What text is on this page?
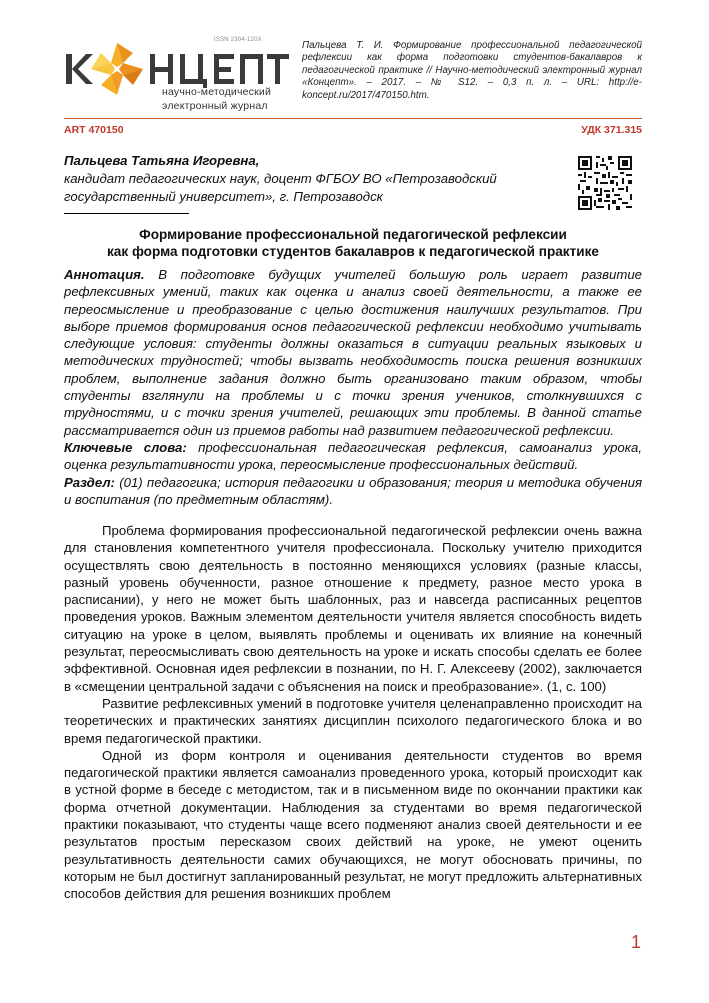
ISSN 2304-120X
научно-методический
электронный журнал
Пальцева Т. И. Формирование профессиональной педагогической рефлексии как форма подготовки студентов-бакалавров к педагогической практике // Научно-методический электронный журнал «Концепт». – 2017. – № S12. – 0,3 п. л. – URL: http://e-koncept.ru/2017/470150.htm.
ART 470150	УДК 371.315
Пальцева Татьяна Игоревна,
кандидат педагогических наук, доцент ФГБОУ ВО «Петрозаводский государственный университет», г. Петрозаводск
Формирование профессиональной педагогической рефлексии
как форма подготовки студентов бакалавров к педагогической практике

Аннотация. В подготовке будущих учителей большую роль играет развитие рефлексивных умений, таких как оценка и анализ своей деятельности, а также ее переосмысление и преобразование с целью достижения наилучших результатов. При выборе приемов формирования основ педагогической рефлексии необходимо учитывать следующие условия: студенты должны оказаться в ситуации реальных языковых и методических трудностей; чтобы вызвать необходимость поиска решения возникших проблем, выполнение задания должно быть организовано таким образом, чтобы студенты взглянули на проблемы и с точки зрения учеников, столкнувшихся с трудностями, и с точки зрения учителей, решающих эти проблемы. В данной статье рассматривается один из приемов работы над развитием педагогической рефлексии.

Ключевые слова: профессиональная педагогическая рефлексия, самоанализ урока, оценка результативности урока, переосмысление профессиональных действий.

Раздел: (01) педагогика; история педагогики и образования; теория и методика обучения и воспитания (по предметным областям).

Проблема формирования профессиональной педагогической рефлексии очень важна для становления компетентного учителя профессионала. Поскольку учителю приходится осуществлять свою деятельность в постоянно меняющихся условиях (разные классы, разный уровень обученности, разное отношение к предмету, разное место урока в расписании), у него не может быть шаблонных, раз и навсегда расписанных рецептов проведения уроков. Важным элементом деятельности учителя является способность видеть ситуацию на уроке в целом, выявлять проблемы и оценивать их влияние на конечный результат, переосмысливать свою деятельность на уроке и искать способы сделать ее более эффективной. Основная идея рефлексии в познании, по Н. Г. Алексееву (2002), заключается в «смещении центральной задачи с объяснения на поиск и преобразование». (1, с. 100)

Развитие рефлексивных умений в подготовке учителя целенаправленно происходит на теоретических и практических занятиях дисциплин психолого педагогического блока и во время педагогической практики.

Одной из форм контроля и оценивания деятельности студентов во время педагогической практики является самоанализ проведенного урока, который происходит как в устной форме в беседе с методистом, так и в письменном виде по окончании практики как форма отчетной документации. Наблюдения за студентами во время педагогической практики показывают, что студенты чаще всего подменяют анализ своей деятельности и ее результатов простым пересказом своих действий на уроке, не умеют оценить результативность деятельности самих обучающихся, не могут обосновать причины, по которым не был достигнут запланированный результат, не могут предложить альтернативных способов действия для решения возникших проблем

1
